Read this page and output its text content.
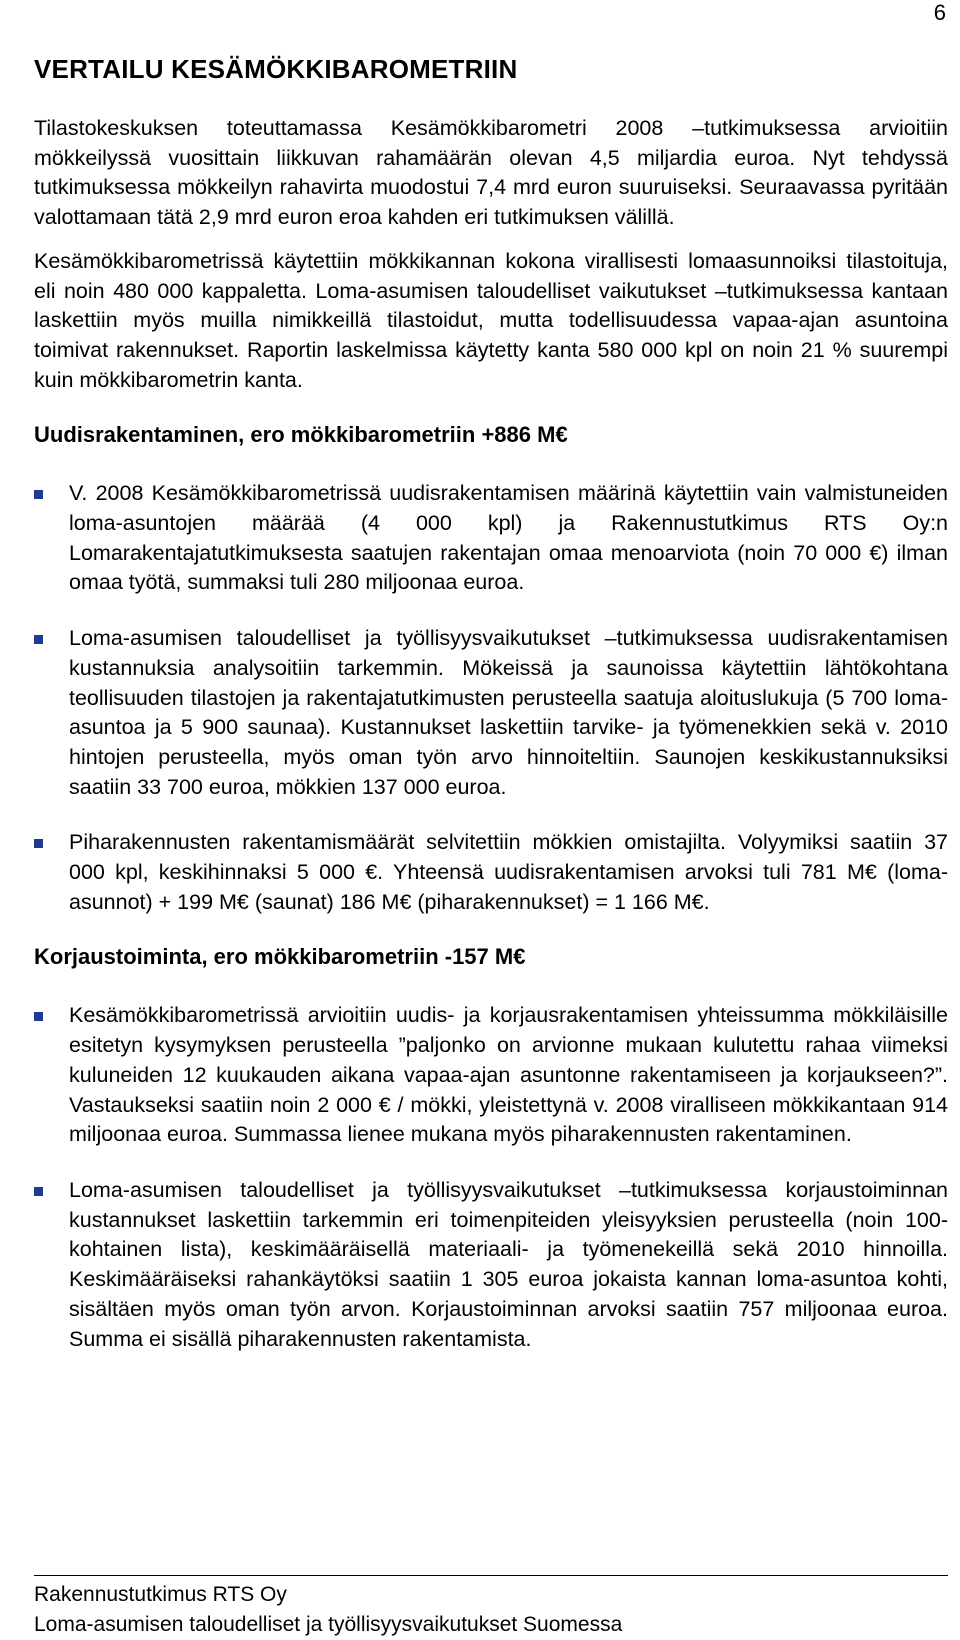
6
VERTAILU KESÄMÖKKIBAROMETRIIN

Tilastokeskuksen toteuttamassa Kesämökkibarometri 2008 –tutkimuksessa arvioitiin mökkeilyssä vuosittain liikkuvan rahamäärän olevan 4,5 miljardia euroa. Nyt tehdyssä tutkimuksessa mökkeilyn rahavirta muodostui 7,4 mrd euron suuruiseksi. Seuraavassa pyritään valottamaan tätä 2,9 mrd euron eroa kahden eri tutkimuksen välillä.

Kesämökkibarometrissä käytettiin mökkikannan kokona virallisesti lomaasunnoiksi tilastoituja, eli noin 480 000 kappaletta. Loma-asumisen taloudelliset vaikutukset –tutkimuksessa kantaan laskettiin myös muilla nimikkeillä tilastoidut, mutta todellisuudessa vapaa-ajan asuntoina toimivat rakennukset. Raportin laskelmissa käytetty kanta 580 000 kpl on noin 21 % suurempi kuin mökkibarometrin kanta.

Uudisrakentaminen, ero mökkibarometriin +886 M€
V. 2008 Kesämökkibarometrissä uudisrakentamisen määrinä käytettiin vain valmistuneiden loma-asuntojen määrää (4 000 kpl) ja Rakennustutkimus RTS Oy:n Lomarakentajatutkimuksesta saatujen rakentajan omaa menoarviota (noin 70 000 €) ilman omaa työtä, summaksi tuli 280 miljoonaa euroa.
Loma-asumisen taloudelliset ja työllisyysvaikutukset –tutkimuksessa uudisrakentamisen kustannuksia analysoitiin tarkemmin. Mökeissä ja saunoissa käytettiin lähtökohtana teollisuuden tilastojen ja rakentajatutkimusten perusteella saatuja aloituslukuja (5 700 loma-asuntoa ja 5 900 saunaa). Kustannukset laskettiin tarvike- ja työmenekkien sekä v. 2010 hintojen perusteella, myös oman työn arvo hinnoiteltiin. Saunojen keskikustannuksiksi saatiin 33 700 euroa, mökkien 137 000 euroa.
Piharakennusten rakentamismäärät selvitettiin mökkien omistajilta. Volyymiksi saatiin 37 000 kpl, keskihinnaksi 5 000 €. Yhteensä uudisrakentamisen arvoksi tuli 781 M€ (loma-asunnot) + 199 M€ (saunat) 186 M€ (piharakennukset) = 1 166 M€.
Korjaustoiminta, ero mökkibarometriin -157 M€
Kesämökkibarometrissä arvioitiin uudis- ja korjausrakentamisen yhteissumma mökkiläisille esitetyn kysymyksen perusteella ”paljonko on arvionne mukaan kulutettu rahaa viimeksi kuluneiden 12 kuukauden aikana vapaa-ajan asuntonne rakentamiseen ja korjaukseen?”. Vastaukseksi saatiin noin 2 000 € / mökki, yleistettynä v. 2008 viralliseen mökkikantaan 914 miljoonaa euroa. Summassa lienee mukana myös piharakennusten rakentaminen.
Loma-asumisen taloudelliset ja työllisyysvaikutukset –tutkimuksessa korjaustoiminnan kustannukset laskettiin tarkemmin eri toimenpiteiden yleisyyksien perusteella (noin 100-kohtainen lista), keskimääräisellä materiaali- ja työmenekeillä sekä 2010 hinnoilla. Keskimääräiseksi rahankäytöksi saatiin 1 305 euroa jokaista kannan loma-asuntoa kohti, sisältäen myös oman työn arvon. Korjaustoiminnan arvoksi saatiin 757 miljoonaa euroa. Summa ei sisällä piharakennusten rakentamista.
Rakennustutkimus RTS Oy
Loma-asumisen taloudelliset ja työllisyysvaikutukset Suomessa
